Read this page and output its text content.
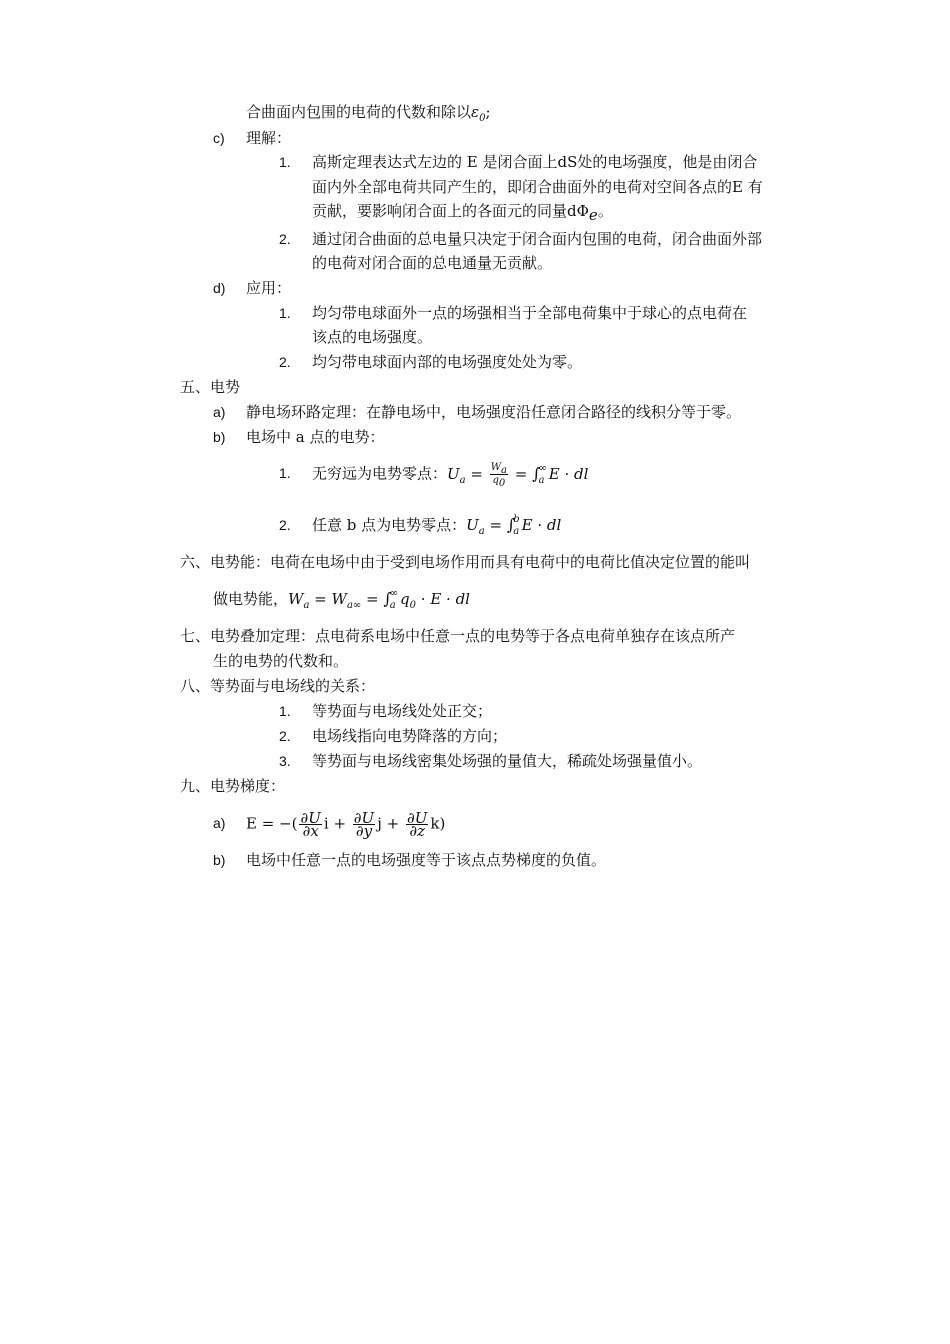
合曲面内包围的电荷的代数和除以$\varepsilon_0$;
c) 理解：
1. 高斯定理表达式左边的 E 是闭合面上dS处的电场强度，他是由闭合
面内外全部电荷共同产生的，即闭合曲面外的电荷对空间各点的E 有
贡献，要影响闭合面上的各面元的同量$d\Phi_e$。
2. 通过闭合曲面的总电量只决定于闭合面内包围的电荷，闭合曲面外部
的电荷对闭合面的总电通量无贡献。
d) 应用：
1. 均匀带电球面外一点的场强相当于全部电荷集中于球心的点电荷在
该点的电场强度。
2. 均匀带电球面内部的电场强度处处为零。
五、电势
a) 静电场环路定理：在静电场中，电场强度沿任意闭合路径的线积分等于零。
b) 电场中 a 点的电势：
1. 无穷远为电势零点：$U_a = \frac{W_a}{q_0}$ = ∫
∞
a E · dl
2. 任意 b 点为电势零点：$U_a$ = ∫
b
a E · dl
六、电势能：电荷在电场中由于受到电场作用而具有电荷中的电荷比值决定位置的能叫
做电势能，$W_a = W_{a\infty}$ = ∫
∞
a $q_0 \cdot E$ · dl
七、电势叠加定理：点电荷系电场中任意一点的电势等于各点电荷单独存在该点所产
生的电势的代数和。
八、等势面与电场线的关系：
1. 等势面与电场线处处正交；
2. 电场线指向电势降落的方向；
3. 等势面与电场线密集处场强的量值大，稀疏处场强量值小。
九、电势梯度：
a) E = −( $\frac{\partial U}{\partial x}$ $i + \frac{\partial U}{\partial y}$ $j + \frac{\partial U}{\partial z} k$)
b) 电场中任意一点的电场强度等于该点点势梯度的负值。
